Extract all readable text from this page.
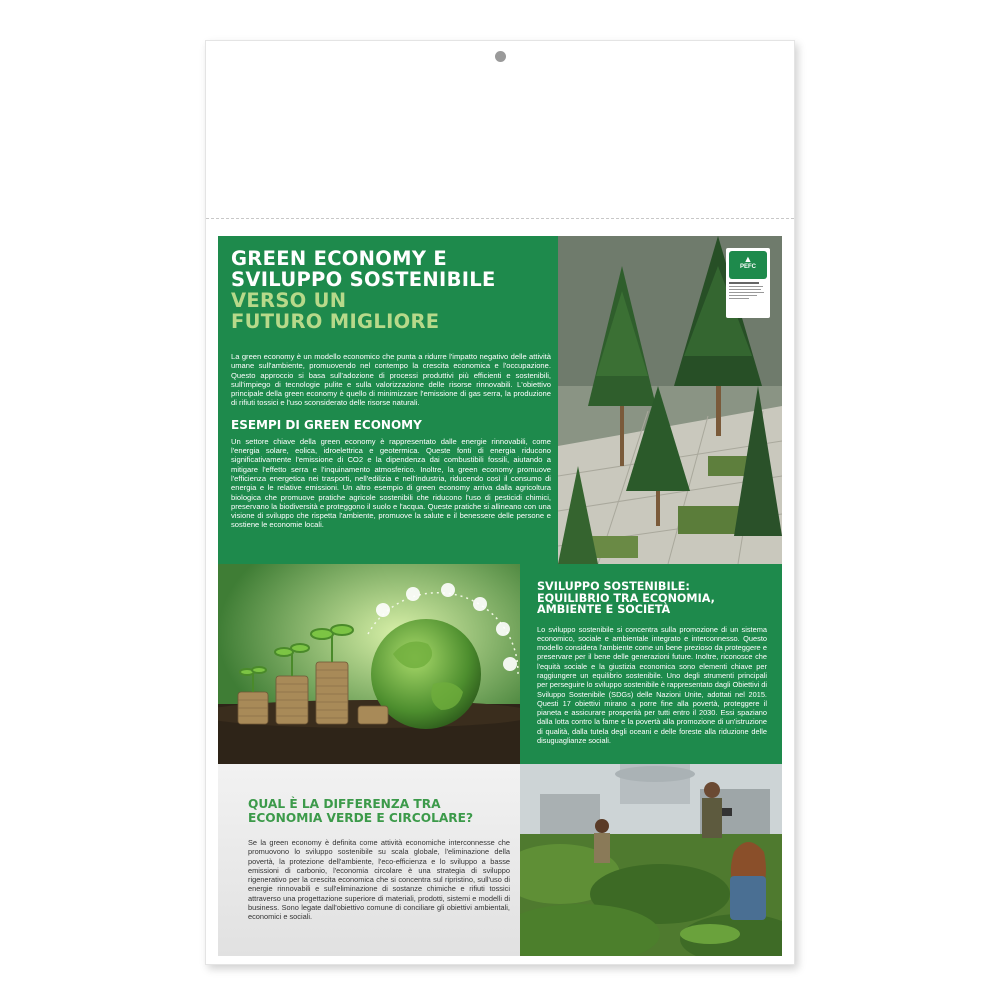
GREEN ECONOMY E
SVILUPPO SOSTENIBILE
VERSO UN
FUTURO MIGLIORE

La green economy è un modello economico che punta a ridurre l'impatto negativo delle attività umane sull'ambiente, promuovendo nel contempo la crescita economica e l'occupazione. Questo approccio si basa sull'adozione di processi produttivi più efficienti e sostenibili, sull'impiego di tecnologie pulite e sulla valorizzazione delle risorse rinnovabili. L'obiettivo principale della green economy è quello di minimizzare l'emissione di gas serra, la produzione di rifiuti tossici e l'uso sconsiderato delle risorse naturali.

ESEMPI DI GREEN ECONOMY

Un settore chiave della green economy è rappresentato dalle energie rinnovabili, come l'energia solare, eolica, idroelettrica e geotermica. Queste fonti di energia riducono significativamente l'emissione di CO2 e la dipendenza dai combustibili fossili, aiutando a mitigare l'effetto serra e l'inquinamento atmosferico. Inoltre, la green economy promuove l'efficienza energetica nei trasporti, nell'edilizia e nell'industria, riducendo così il consumo di energia e le relative emissioni. Un altro esempio di green economy arriva dalla agricoltura biologica che promuove pratiche agricole sostenibili che riducono l'uso di pesticidi chimici, preservano la biodiversità e proteggono il suolo e l'acqua. Queste pratiche si allineano con una visione di sviluppo che rispetta l'ambiente, promuove la salute e il benessere delle persone e sostiene le economie locali.

▲
PEFC
SVILUPPO SOSTENIBILE:
EQUILIBRIO TRA ECONOMIA,
AMBIENTE E SOCIETÀ

Lo sviluppo sostenibile si concentra sulla promozione di un sistema economico, sociale e ambientale integrato e interconnesso. Questo modello considera l'ambiente come un bene prezioso da proteggere e preservare per il bene delle generazioni future. Inoltre, riconosce che l'equità sociale e la giustizia economica sono elementi chiave per raggiungere un equilibrio sostenibile. Uno degli strumenti principali per perseguire lo sviluppo sostenibile è rappresentato dagli Obiettivi di Sviluppo Sostenibile (SDGs) delle Nazioni Unite, adottati nel 2015. Questi 17 obiettivi mirano a porre fine alla povertà, proteggere il pianeta e assicurare prosperità per tutti entro il 2030. Essi spaziano dalla lotta contro la fame e la povertà alla promozione di un'istruzione di qualità, dalla tutela degli oceani e delle foreste alla riduzione delle disuguaglianze sociali.

QUAL È LA DIFFERENZA TRA
ECONOMIA VERDE E CIRCOLARE?

Se la green economy è definita come attività economiche interconnesse che promuovono lo sviluppo sostenibile su scala globale, l'eliminazione della povertà, la protezione dell'ambiente, l'eco-efficienza e lo sviluppo a basse emissioni di carbonio, l'economia circolare è una strategia di sviluppo rigenerativo per la crescita economica che si concentra sul ripristino, sull'uso di energie rinnovabili e sull'eliminazione di sostanze chimiche e rifiuti tossici attraverso una progettazione superiore di materiali, prodotti, sistemi e modelli di business. Sono legate dall'obiettivo comune di conciliare gli obiettivi ambientali, economici e sociali.
